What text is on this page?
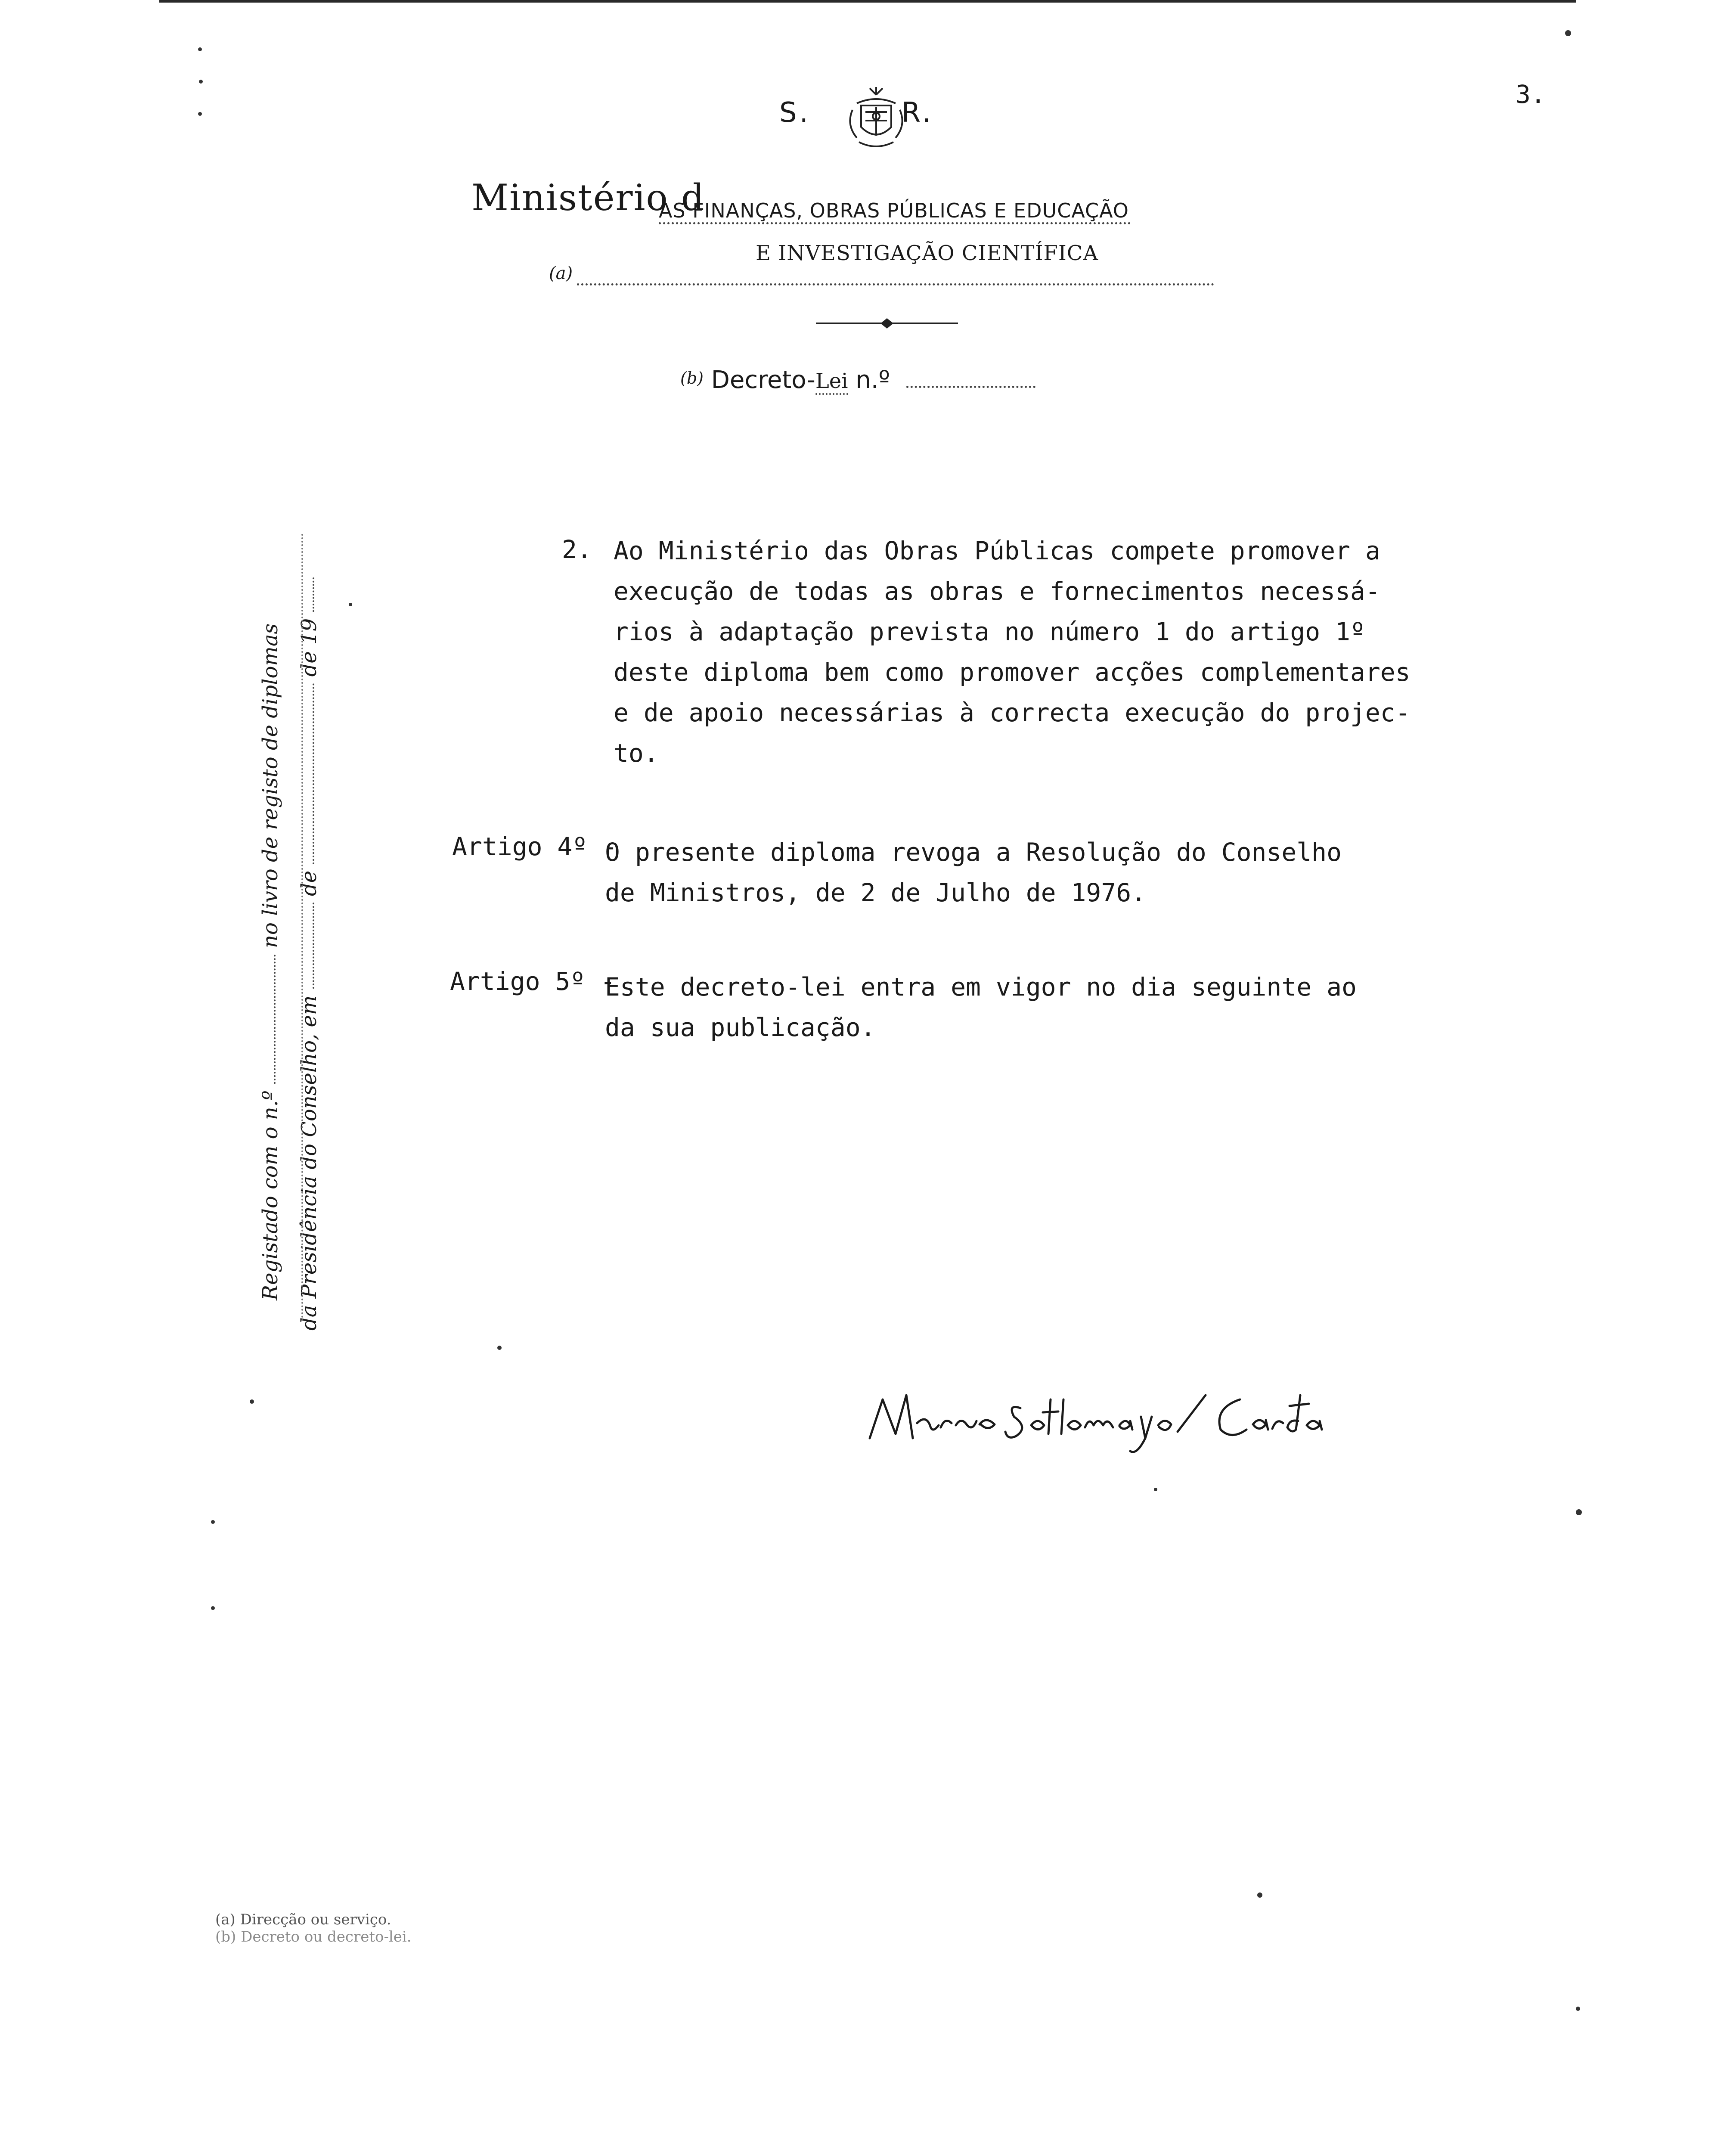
3.
S.        R.
Ministério d
AS FINANÇAS, OBRAS PÚBLICAS E EDUCAÇÃO
E INVESTIGAÇÃO CIENTÍFICA
(a)
(b) Decreto-Lei n.º
2. Ao Ministério das Obras Públicas compete promover a
execução de todas as obras e fornecimentos necessá-
rios à adaptação prevista no número 1 do artigo 1º
deste diploma bem como promover acções complementares
e de apoio necessárias à correcta execução do projec-
to.
Artigo 4º -
O presente diploma revoga a Resolução do Conselho
de Ministros, de 2 de Julho de 1976.
Artigo 5º -
Este decreto-lei entra em vigor no dia seguinte ao
da sua publicação.
Registado com o n.º  no livro de registo de diplomas
da Presidência do Conselho, em  de  de 19
(a) Direcção ou serviço.
(b) Decreto ou decreto-lei.
